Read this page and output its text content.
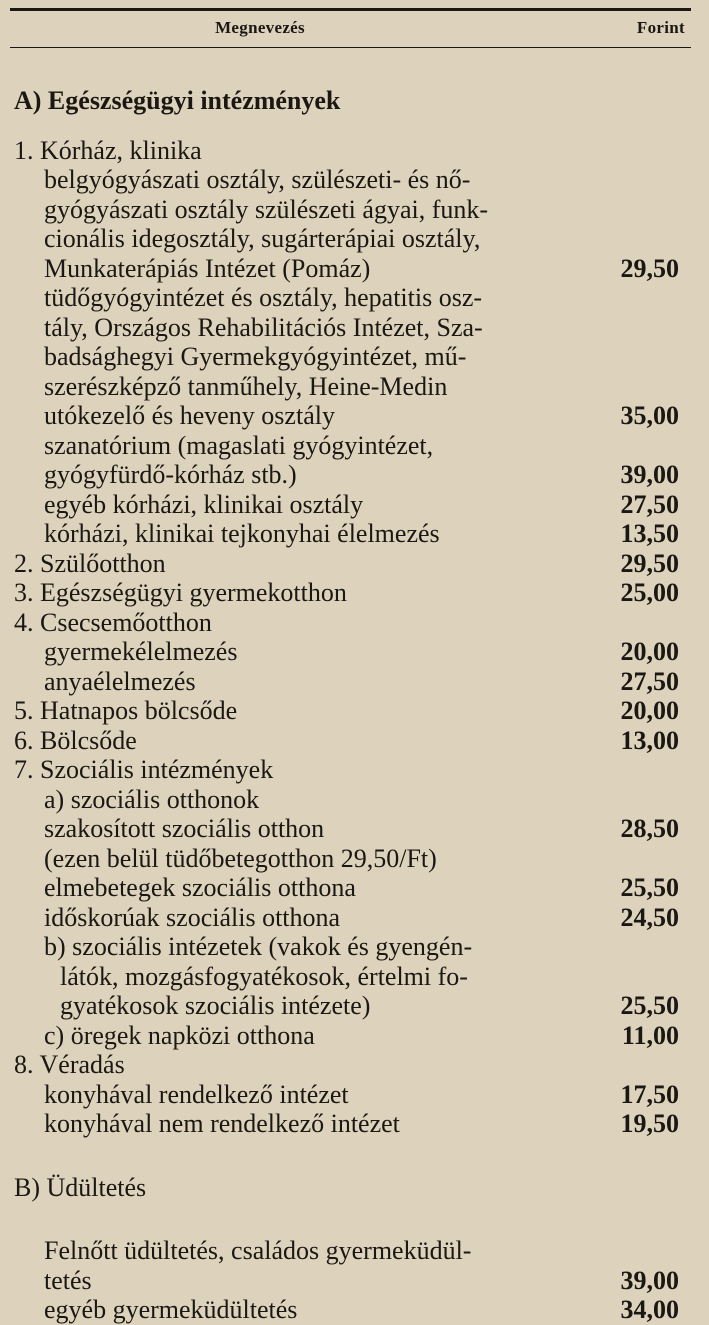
Megnevezés	Forint
A) Egészségügyi intézmények
1. Kórház, klinika
belgyógyászati osztály, szülészeti- és nő-
gyógyászati osztály szülészeti ágyai, funk-
cionális idegosztály, sugárterápiai osztály,
Munkaterápiás Intézet (Pomáz)	29,50
tüdőgyógyintézet és osztály, hepatitis osz-
tály, Országos Rehabilitációs Intézet, Sza-
badsághegyi Gyermekgyógyintézet, mű-
szerészképző tanműhely, Heine-Medin
utókezelő és heveny osztály	35,00
szanatórium (magaslati gyógyintézet,
gyógyfürdő-kórház stb.)	39,00
egyéb kórházi, klinikai osztály	27,50
kórházi, klinikai tejkonyhai élelmezés	13,50
2. Szülőotthon	29,50
3. Egészségügyi gyermekotthon	25,00
4. Csecsemőotthon
gyermekélelmezés	20,00
anyaélelmezés	27,50
5. Hatnapos bölcsőde	20,00
6. Bölcsőde	13,00
7. Szociális intézmények
a) szociális otthonok
szakosított szociális otthon	28,50
(ezen belül tüdőbetegotthon 29,50/Ft)
elmebetegek szociális otthona	25,50
időskorúak szociális otthona	24,50
b) szociális intézetek (vakok és gyengén-
látók, mozgásfogyatékosok, értelmi fo-
gyatékosok szociális intézete)	25,50
c) öregek napközi otthona	11,00
8. Véradás
konyhával rendelkező intézet	17,50
konyhával nem rendelkező intézet	19,50
B) Üdültetés
Felnőtt üdültetés, családos gyermeküdül-
tetés	39,00
egyéb gyermeküdültetés	34,00
